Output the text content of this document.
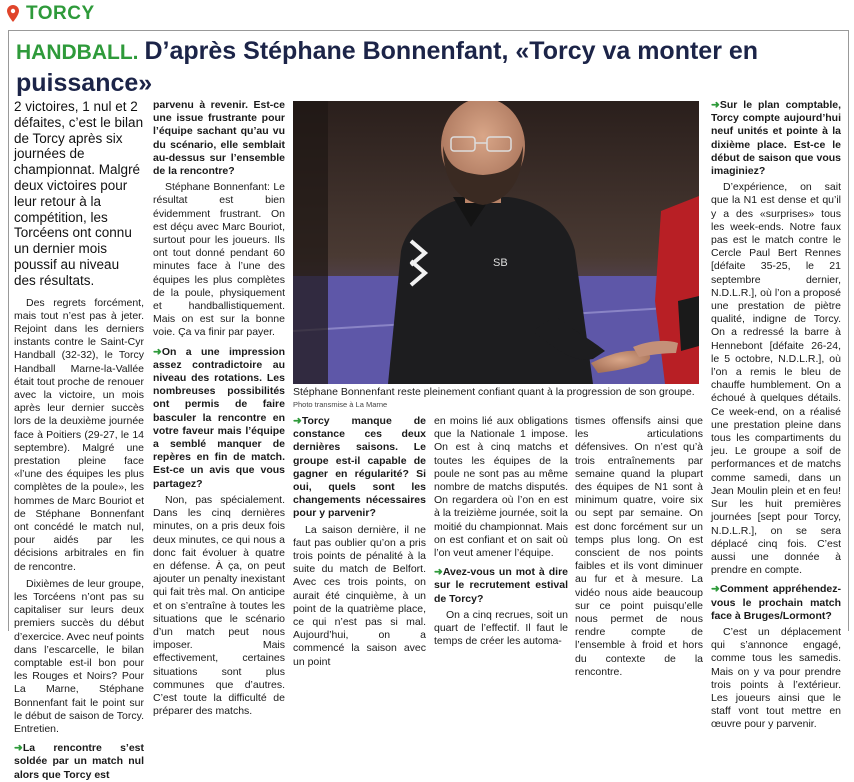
TORCY
HANDBALL. D’après Stéphane Bonnenfant, «Torcy va monter en puissance»
2 victoires, 1 nul et 2 défaites, c’est le bilan de Torcy après six journées de championnat. Malgré deux victoires pour leur retour à la compétition, les Torcéens ont connu un dernier mois poussif au niveau des résultats.

Des regrets forcément, mais tout n’est pas à jeter. Rejoint dans les derniers instants contre le Saint-Cyr Handball (32-32), le Torcy Handball Marne-la-Vallée était tout proche de renouer avec la victoire, un mois après leur dernier succès lors de la deuxième journée face à Poitiers (29-27, le 14 septembre). Malgré une prestation pleine face «l’une des équipes les plus complètes de la poule», les hommes de Marc Bouriot et de Stéphane Bonnenfant ont concédé le match nul, pour aidés par les décisions arbitrales en fin de rencontre.

Dixièmes de leur groupe, les Torcéens n’ont pas su capitaliser sur leurs deux premiers succès du début d’exercice. Avec neuf points dans l’escarcelle, le bilan comptable est-il bon pour les Rouges et Noirs? Pour La Marne, Stéphane Bonnenfant fait le point sur le début de saison de Torcy. Entretien.

➜La rencontre s’est soldée par un match nul alors que Torcy est

parvenu à revenir. Est-ce une issue frustrante pour l’équipe sachant qu’au vu du scénario, elle semblait au-dessus sur l’ensemble de la rencontre?

Stéphane Bonnenfant: Le résultat est bien évidemment frustrant. On est déçu avec Marc Bouriot, surtout pour les joueurs. Ils ont tout donné pendant 60 minutes face à l’une des équipes les plus complètes de la poule, physiquement et handballistiquement. Mais on est sur la bonne voie. Ça va finir par payer.

➜On a une impression assez contradictoire au niveau des rotations. Les nombreuses possibilités ont permis de faire basculer la rencontre en votre faveur mais l’équipe a semblé manquer de repères en fin de match. Est-ce un avis que vous partagez?

Non, pas spécialement. Dans les cinq dernières minutes, on a pris deux fois deux minutes, ce qui nous a donc fait évoluer à quatre en défense. À ça, on peut ajouter un penalty inexistant qui fait très mal. On anticipe et on s’entraîne à toutes les situations que le scénario d’un match peut nous imposer. Mais effectivement, certaines situations sont plus communes que d’autres. C’est toute la difficulté de préparer des matchs.

SB
Stéphane Bonnenfant reste pleinement confiant quant à la progression de son groupe.
Photo transmise à La Marne

➜Torcy manque de constance ces deux dernières saisons. Le groupe est-il capable de gagner en régularité? Si oui, quels sont les changements nécessaires pour y parvenir?

La saison dernière, il ne faut pas oublier qu’on a pris trois points de pénalité à la suite du match de Belfort. Avec ces trois points, on aurait été cinquième, à un point de la quatrième place, ce qui n’est pas si mal. Aujourd’hui, on a commencé la saison avec un point

en moins lié aux obligations que la Nationale 1 impose. On est à cinq matchs et toutes les équipes de la poule ne sont pas au même nombre de matchs disputés. On regardera où l’on en est à la treizième journée, soit la moitié du championnat. Mais on est confiant et on sait où l’on veut amener l’équipe.

➜Avez-vous un mot à dire sur le recrutement estival de Torcy?

On a cinq recrues, soit un quart de l’effectif. Il faut le temps de créer les automa-

tismes offensifs ainsi que les articulations défensives. On n’est qu’à trois entraînements par semaine quand la plupart des équipes de N1 sont à minimum quatre, voire six ou sept par semaine. On est donc forcément sur un temps plus long. On est conscient de nos points faibles et ils vont diminuer au fur et à mesure. La vidéo nous aide beaucoup sur ce point puisqu’elle nous permet de nous rendre compte de l’ensemble à froid et hors du contexte de la rencontre.

➜Sur le plan comptable, Torcy compte aujourd’hui neuf unités et pointe à la dixième place. Est-ce le début de saison que vous imaginiez?

D’expérience, on sait que la N1 est dense et qu’il y a des «surprises» tous les week-ends. Notre faux pas est le match contre le Cercle Paul Bert Rennes [défaite 35-25, le 21 septembre dernier, N.D.L.R.], où l’on a proposé une prestation de piètre qualité, indigne de Torcy. On a redressé la barre à Hennebont [défaite 26-24, le 5 octobre, N.D.L.R.], où l’on a remis le bleu de chauffe humblement. On a échoué à quelques détails. Ce week-end, on a réalisé une prestation pleine dans tous les compartiments du jeu. Le groupe a soif de performances et de matchs comme samedi, dans un Jean Moulin plein et en feu! Sur les huit premières journées [sept pour Torcy, N.D.L.R.], on se sera déplacé cinq fois. C’est aussi une donnée à prendre en compte.

➜Comment appréhendez-vous le prochain match face à Bruges/Lormont?

C’est un déplacement qui s’annonce engagé, comme tous les samedis. Mais on y va pour prendre trois points à l’extérieur. Les joueurs ainsi que le staff vont tout mettre en œuvre pour y parvenir.
